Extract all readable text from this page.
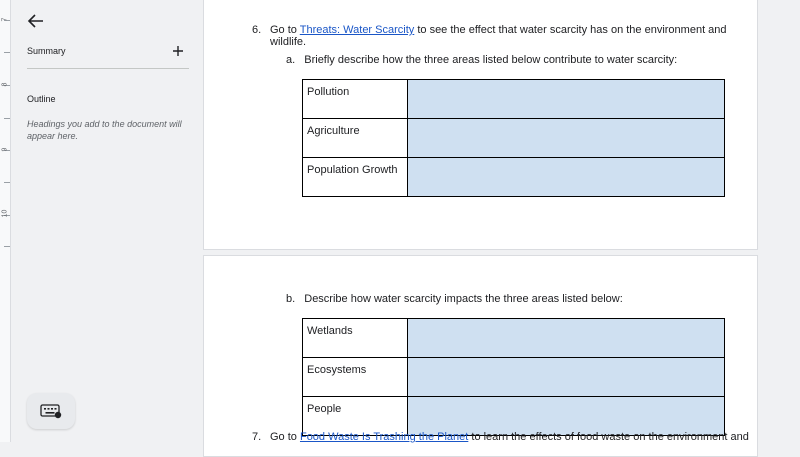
7
8
9
10
Summary
Outline
Headings you add to the document will appear here.
6. Go to Threats: Water Scarcity to see the effect that water scarcity has on the environment and
wildlife.
a. Briefly describe how the three areas listed below contribute to water scarcity:
Pollution	
Agriculture	
Population Growth	
b. Describe how water scarcity impacts the three areas listed below:
Wetlands	
Ecosystems	
People	
7. Go to Food Waste Is Trashing the Planet to learn the effects of food waste on the environment and
